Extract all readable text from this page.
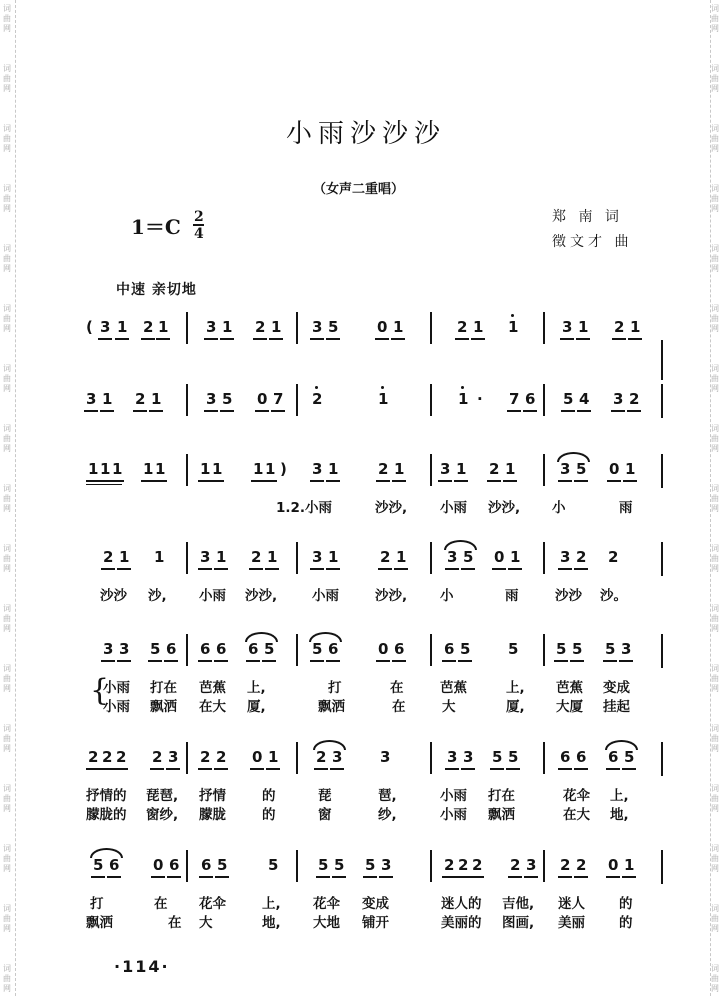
词
曲
网
词
曲
网
词
曲
网
词
曲
网
词
曲
网
词
曲
网
词
曲
网
词
曲
网
词
曲
网
词
曲
网
词
曲
网
词
曲
网
词
曲
网
词
曲
网
词
曲
网
词
曲
网
词
曲
网
词
曲
网
词
曲
网
词
曲
网
词
曲
网
词
曲
网
词
曲
网
词
曲
网
词
曲
网
词
曲
网
词
曲
网
词
曲
网
词
曲
网
词
曲
网
词
曲
网
词
曲
网
词
曲
网
词
曲
网
小雨沙沙沙
（女声二重唱）
1＝C 2
4
郑 南 词
徵文才 曲
中速 亲切地
( 3 1 2 1	3 1 2 1 3 5	0 1	2 1 1	3 1 2 1
3 1 2 1	3 5 0 7 2	1	1 · 7 6 5 4 3 2
1 1 1 1 1 1 1 1 1 ) 3 1	2 1 3 1 2 1	3 5 0 1
1.2.小雨	沙沙, 小雨 沙沙, 小	雨
2 1 1 3 1 2 1 3 1	2 1	3 5 0 1	3 2 2
沙沙 沙, 小雨 沙沙,	小雨	沙沙, 小	雨	沙沙 沙。
3 3 5 6 6 6 6 5	5 6	0 6	6 5	5	5 5 5 3
{
小雨 打在 芭蕉 上,	打	在	芭蕉	上, 芭蕉 变成
小雨 飘洒 在大 厦,	飘洒	在	大	厦, 大厦 挂起
2 2 2 2 3 2 2 0 1	2 3	3	3 3 5 5	6 6 6 5
抒情的 琵琶, 抒情	的	琵	琶,	小雨 打在	花伞 上,
朦胧的 窗纱, 朦胧	的	窗	纱,	小雨 飘洒	在大 地,
5 6 0 6 6 5	5	5 5 5 3	2 2 2 2 3 2 2 0 1
打	在 花伞	上, 花伞 变成	迷人的 吉他, 迷人	的
飘洒	在 大	地, 大地 铺开	美丽的 图画, 美丽	的
·114·
